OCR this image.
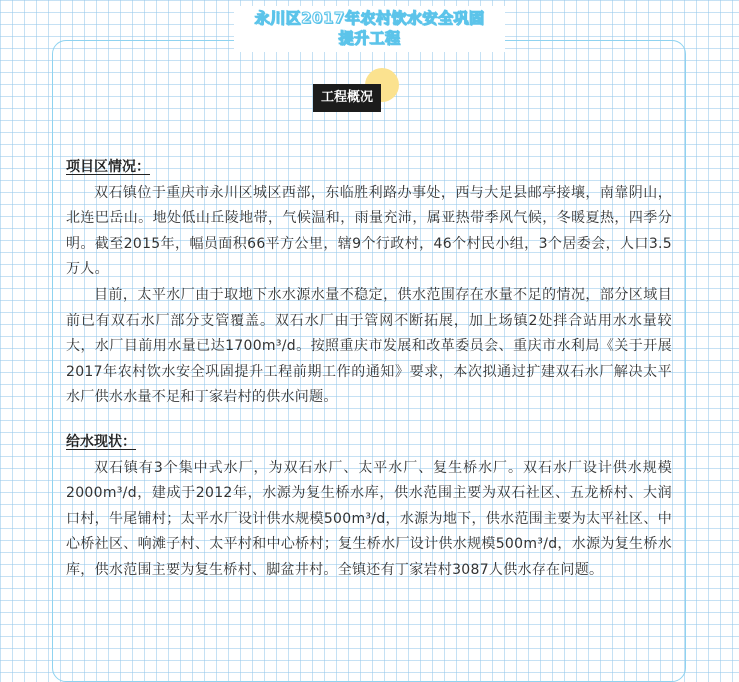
永川区2017年农村饮水安全巩固
提升工程
工程概况

项目区情况：

双石镇位于重庆市永川区城区西部，东临胜利路办事处，西与大足县邮亭接壤，南靠阴山，北连巴岳山。地处低山丘陵地带，气候温和，雨量充沛，属亚热带季风气候，冬暖夏热，四季分明。截至2015年，幅员面积66平方公里，辖9个行政村，46个村民小组，3个居委会，人口3.5万人。

目前，太平水厂由于取地下水水源水量不稳定，供水范围存在水量不足的情况，部分区域目前已有双石水厂部分支管覆盖。双石水厂由于管网不断拓展，加上场镇2处拌合站用水水量较大，水厂目前用水量已达1700m³/d。按照重庆市发展和改革委员会、重庆市水利局《关于开展2017年农村饮水安全巩固提升工程前期工作的通知》要求，本次拟通过扩建双石水厂解决太平水厂供水水量不足和丁家岩村的供水问题。

给水现状：

双石镇有3个集中式水厂，为双石水厂、太平水厂、复生桥水厂。双石水厂设计供水规模2000m³/d，建成于2012年，水源为复生桥水库，供水范围主要为双石社区、五龙桥村、大润口村，牛尾铺村；太平水厂设计供水规模500m³/d，水源为地下，供水范围主要为太平社区、中心桥社区、响滩子村、太平村和中心桥村；复生桥水厂设计供水规模500m³/d，水源为复生桥水库，供水范围主要为复生桥村、脚盆井村。全镇还有丁家岩村3087人供水存在问题。
